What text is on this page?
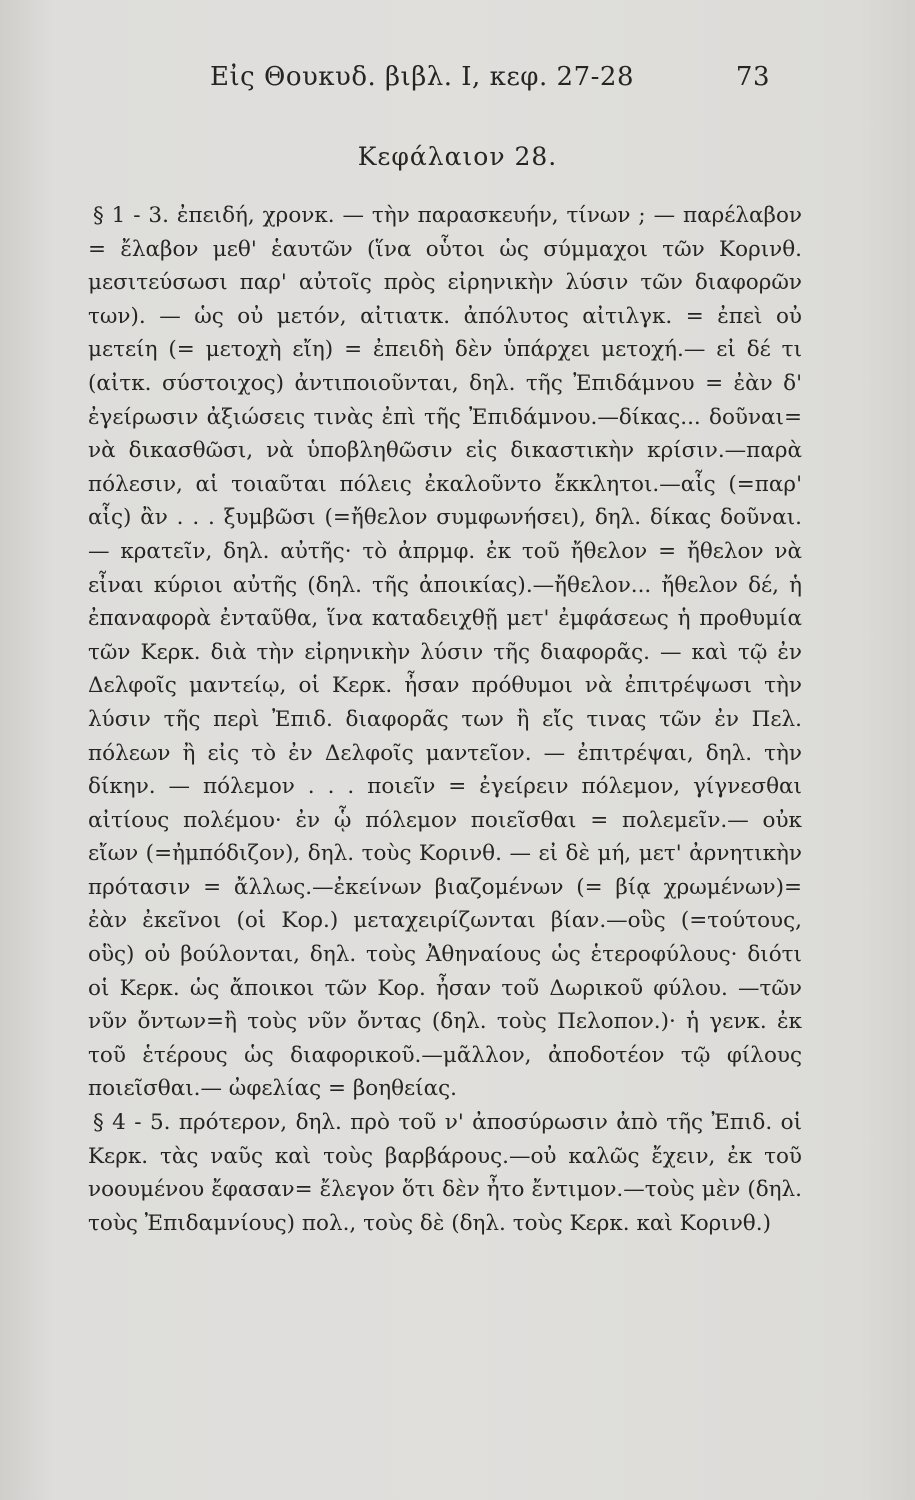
Εἰς Θουκυδ. βιβλ. Ι, κεφ. 27-28	73
Κεφάλαιον 28.

§ 1 - 3. ἐπειδή, χρονκ. — τὴν παρασκευήν, τίνων ; — παρέλαβον = ἔλαβον μεθ' ἑαυτῶν (ἵνα οὗτοι ὡς σύμμαχοι τῶν Κορινθ. μεσιτεύσωσι παρ' αὐτοῖς πρὸς εἰρηνικὴν λύσιν τῶν διαφορῶν των). — ὡς οὐ μετόν, αἰτιατκ. ἀπόλυτος αἰτιλγκ. = ἐπεὶ οὐ μετείη (= μετοχὴ εἴη) = ἐπειδὴ δὲν ὑπάρχει μετοχή.— εἰ δέ τι (αἰτκ. σύστοιχος) ἀντιποιοῦνται, δηλ. τῆς Ἐπιδάμνου = ἐὰν δ' ἐγείρωσιν ἀξιώσεις τινὰς ἐπὶ τῆς Ἐπιδάμνου.—δίκας... δοῦναι= νὰ δικασθῶσι, νὰ ὑποβληθῶσιν εἰς δικαστικὴν κρίσιν.—παρὰ πόλεσιν, αἱ τοιαῦται πόλεις ἐκαλοῦντο ἔκκλητοι.—αἷς (=παρ' αἷς) ἂν . . . ξυμβῶσι (=ἤθελον συμφωνήσει), δηλ. δίκας δοῦναι.— κρατεῖν, δηλ. αὐτῆς· τὸ ἀπρμφ. ἐκ τοῦ ἤθελον = ἤθελον νὰ εἶναι κύριοι αὐτῆς (δηλ. τῆς ἀποικίας).—ἤθελον... ἤθελον δέ, ἡ ἐπαναφορὰ ἐνταῦθα, ἵνα καταδειχθῇ μετ' ἐμφάσεως ἡ προθυμία τῶν Κερκ. διὰ τὴν εἰρηνικὴν λύσιν τῆς διαφορᾶς. — καὶ τῷ ἐν Δελφοῖς μαντείῳ, οἱ Κερκ. ἦσαν πρόθυμοι νὰ ἐπιτρέψωσι τὴν λύσιν τῆς περὶ Ἐπιδ. διαφορᾶς των ἢ εἴς τινας τῶν ἐν Πελ. πόλεων ἢ εἰς τὸ ἐν Δελφοῖς μαντεῖον. — ἐπιτρέψαι, δηλ. τὴν δίκην. — πόλεμον . . . ποιεῖν = ἐγείρειν πόλεμον, γίγνεσθαι αἰτίους πολέμου· ἐν ᾧ πόλεμον ποιεῖσθαι = πολεμεῖν.— οὐκ εἴων (=ἠμπόδιζον), δηλ. τοὺς Κορινθ. — εἰ δὲ μή, μετ' ἀρνητικὴν πρότασιν = ἄλλως.—ἐκείνων βιαζομένων (= βίᾳ χρωμένων)= ἐὰν ἐκεῖνοι (οἱ Κορ.) μεταχειρίζωνται βίαν.—οὓς (=τούτους, οὓς) οὐ βούλονται, δηλ. τοὺς Ἀθηναίους ὡς ἑτεροφύλους· διότι οἱ Κερκ. ὡς ἄποικοι τῶν Κορ. ἦσαν τοῦ Δωρικοῦ φύλου. —τῶν νῦν ὄντων=ἢ τοὺς νῦν ὄντας (δηλ. τοὺς Πελοπον.)· ἡ γενκ. ἐκ τοῦ ἑτέρους ὡς διαφορικοῦ.—μᾶλλον, ἀποδοτέον τῷ φίλους ποιεῖσθαι.— ὠφελίας = βοηθείας.

§ 4 - 5. πρότερον, δηλ. πρὸ τοῦ ν' ἀποσύρωσιν ἀπὸ τῆς Ἐπιδ. οἱ Κερκ. τὰς ναῦς καὶ τοὺς βαρβάρους.—οὐ καλῶς ἔχειν, ἐκ τοῦ νοουμένου ἔφασαν= ἔλεγον ὅτι δὲν ἦτο ἔντιμον.—τοὺς μὲν (δηλ. τοὺς Ἐπιδαμνίους) πολ., τοὺς δὲ (δηλ. τοὺς Κερκ. καὶ Κορινθ.)
